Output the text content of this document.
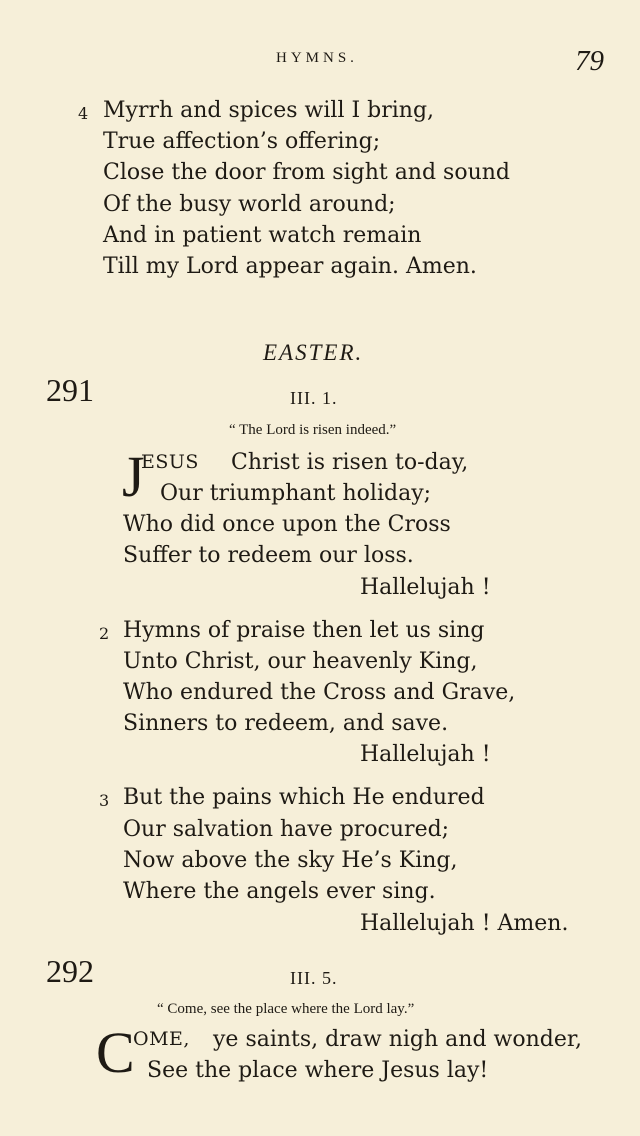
HYMNS.	79
4 Myrrh and spices will I bring,
True affection’s offering;
Close the door from sight and sound
Of the busy world around;
And in patient watch remain
Till my Lord appear again. Amen.
EASTER.
291	III. 1.
“ The Lord is risen indeed.”
J
ESUS Christ is risen to-day,
Our triumphant holiday;
Who did once upon the Cross
Suffer to redeem our loss.
Hallelujah !
2 Hymns of praise then let us sing
Unto Christ, our heavenly King,
Who endured the Cross and Grave,
Sinners to redeem, and save.
Hallelujah !
3 But the pains which He endured
Our salvation have procured;
Now above the sky He’s King,
Where the angels ever sing.
Hallelujah ! Amen.
292	III. 5.
“ Come, see the place where the Lord lay.”
C
OME, ye saints, draw nigh and wonder,
See the place where Jesus lay!
